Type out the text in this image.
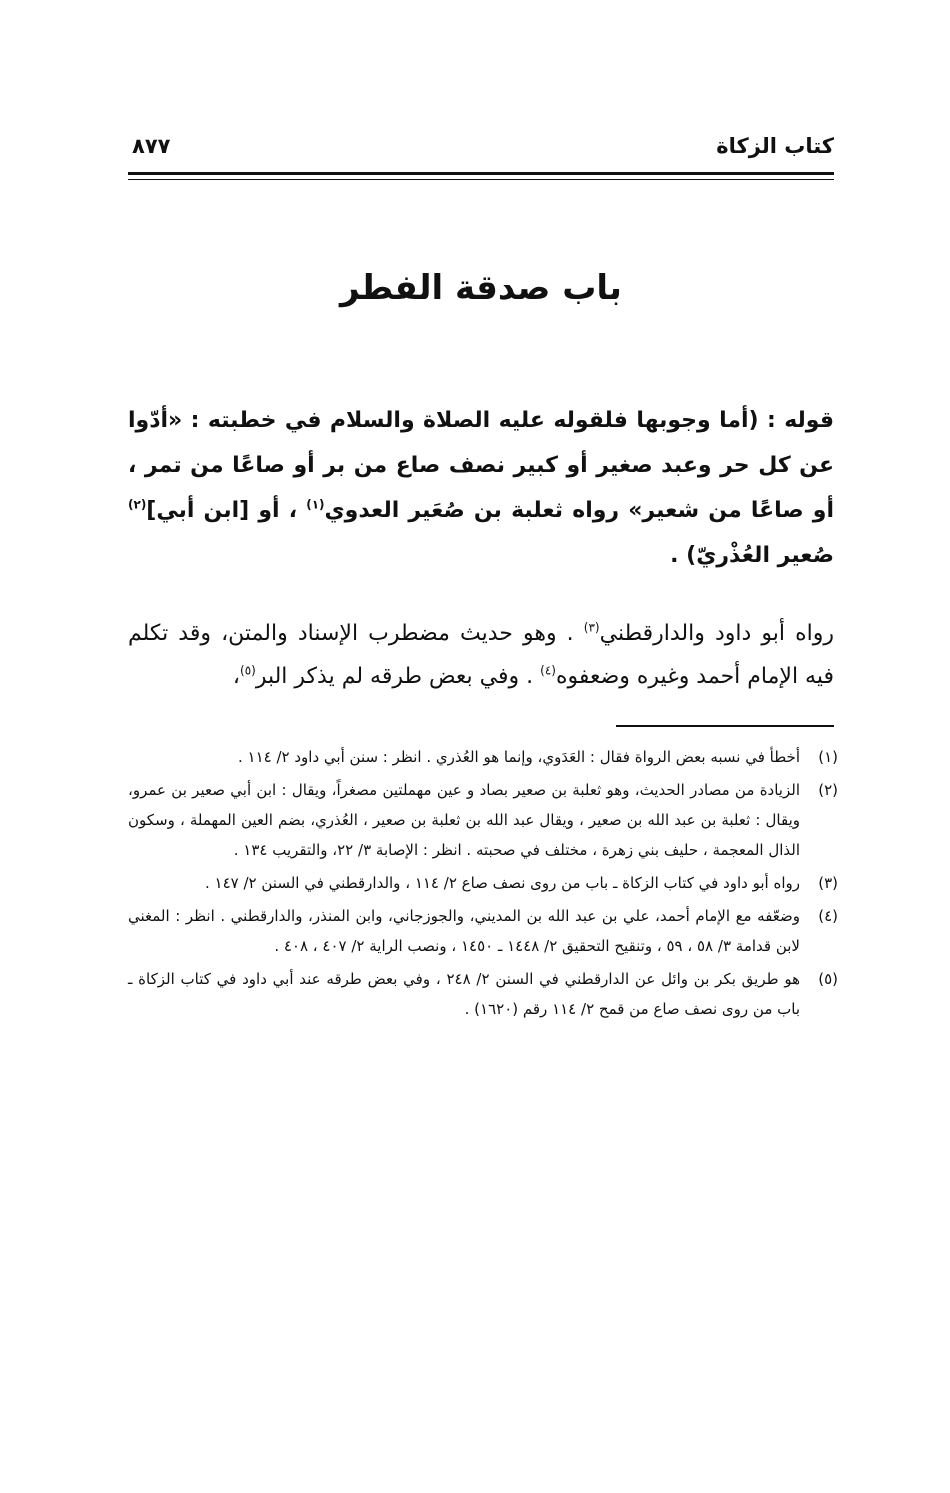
كتاب الزكاة
٨٧٧
باب صدقة الفطر

قوله : (أما وجوبها فلقوله عليه الصلاة والسلام في خطبته : «أدّوا عن كل حر وعبد صغير أو كبير نصف صاع من بر أو صاعًا من تمر ، أو صاعًا من شعير» رواه ثعلبة بن صُعَير العدوي$^{(١)}$ ، أو [ابن أبي]$^{(٢)}$ صُعير العُذْريّ) .

رواه أبو داود والدارقطني$^{(٣)}$ . وهو حديث مضطرب الإسناد والمتن، وقد تكلم فيه الإمام أحمد وغيره وضعفوه$^{(٤)}$ . وفي بعض طرقه لم يذكر البر$^{(٥)}$،

(١)
أخطأ في نسبه بعض الرواة فقال : العَدَوي، وإنما هو العُذري . انظر : سنن أبي داود ٢/ ١١٤ .
(٢)
الزيادة من مصادر الحديث، وهو ثعلبة بن صعير بصاد و عين مهملتين مصغراً، ويقال : ابن أبي صعير بن عمرو، ويقال : ثعلبة بن عبد الله بن صعير ، ويقال عبد الله بن ثعلبة بن صعير ، العُذري، بضم العين المهملة ، وسكون الذال المعجمة ، حليف بني زهرة ، مختلف في صحبته . انظر : الإصابة ٣/ ٢٢، والتقريب ١٣٤ .
(٣)
رواه أبو داود في كتاب الزكاة ـ باب من روى نصف صاع ٢/ ١١٤ ، والدارقطني في السنن ٢/ ١٤٧ .
(٤)
وضعّفه مع الإمام أحمد، علي بن عبد الله بن المديني، والجوزجاني، وابن المنذر، والدارقطني . انظر : المغني لابن قدامة ٣/ ٥٨ ، ٥٩ ، وتنقيح التحقيق ٢/ ١٤٤٨ ـ ١٤٥٠ ، ونصب الراية ٢/ ٤٠٧ ، ٤٠٨ .
(٥)
هو طريق بكر بن وائل عن الدارقطني في السنن ٢/ ٢٤٨ ، وفي بعض طرقه عند أبي داود في كتاب الزكاة ـ باب من روى نصف صاع من قمح ٢/ ١١٤ رقم (١٦٢٠) .
